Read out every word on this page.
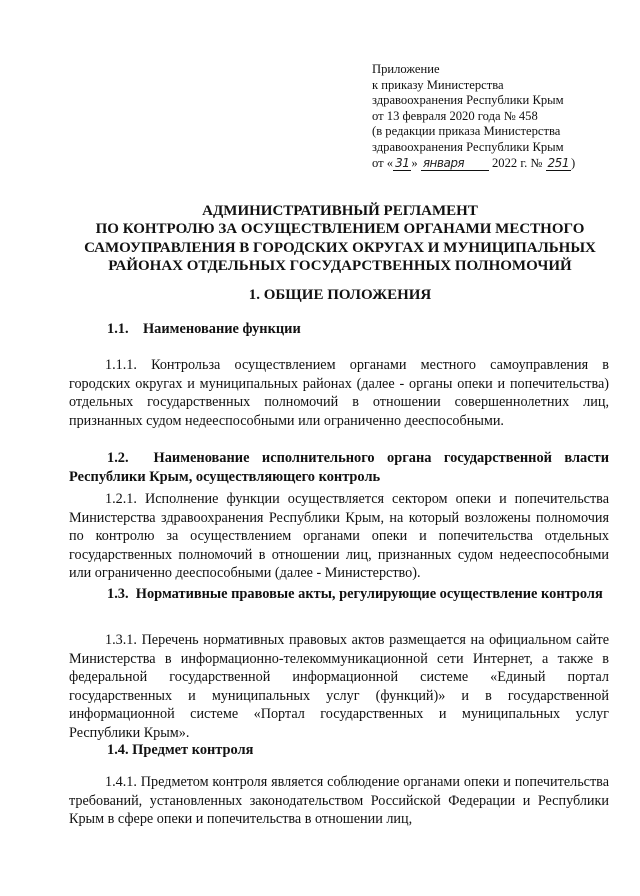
Приложение
к приказу Министерства
здравоохранения Республики Крым
от 13 февраля 2020 года № 458
(в редакции приказа Министерства
здравоохранения Республики Крым
от « 31 » января 2022 г. № 251 )
АДМИНИСТРАТИВНЫЙ РЕГЛАМЕНТ
ПО КОНТРОЛЮ ЗА ОСУЩЕСТВЛЕНИЕМ ОРГАНАМИ МЕСТНОГО
САМОУПРАВЛЕНИЯ В ГОРОДСКИХ ОКРУГАХ И МУНИЦИПАЛЬНЫХ
РАЙОНАХ ОТДЕЛЬНЫХ ГОСУДАРСТВЕННЫХ ПОЛНОМОЧИЙ
1. ОБЩИЕ ПОЛОЖЕНИЯ
1.1. Наименование функции
1.1.1. Контрольза осуществлением органами местного самоуправления в городских округах и муниципальных районах (далее - органы опеки и попечительства) отдельных государственных полномочий в отношении совершеннолетних лиц, признанных судом недееспособными или ограниченно дееспособными.
1.2. Наименование исполнительного органа государственной власти Республики Крым, осуществляющего контроль
1.2.1. Исполнение функции осуществляется сектором опеки и попечительства Министерства здравоохранения Республики Крым, на который возложены полномочия по контролю за осуществлением органами опеки и попечительства отдельных государственных полномочий в отношении лиц, признанных судом недееспособными или ограниченно дееспособными (далее - Министерство).
1.3. Нормативные правовые акты, регулирующие осуществление контроля
1.3.1. Перечень нормативных правовых актов размещается на официальном сайте Министерства в информационно-телекоммуникационной сети Интернет, а также в федеральной государственной информационной системе «Единый портал государственных и муниципальных услуг (функций)» и в государственной информационной системе «Портал государственных и муниципальных услуг Республики Крым».
1.4. Предмет контроля
1.4.1. Предметом контроля является соблюдение органами опеки и попечительства требований, установленных законодательством Российской Федерации и Республики Крым в сфере опеки и попечительства в отношении лиц,
